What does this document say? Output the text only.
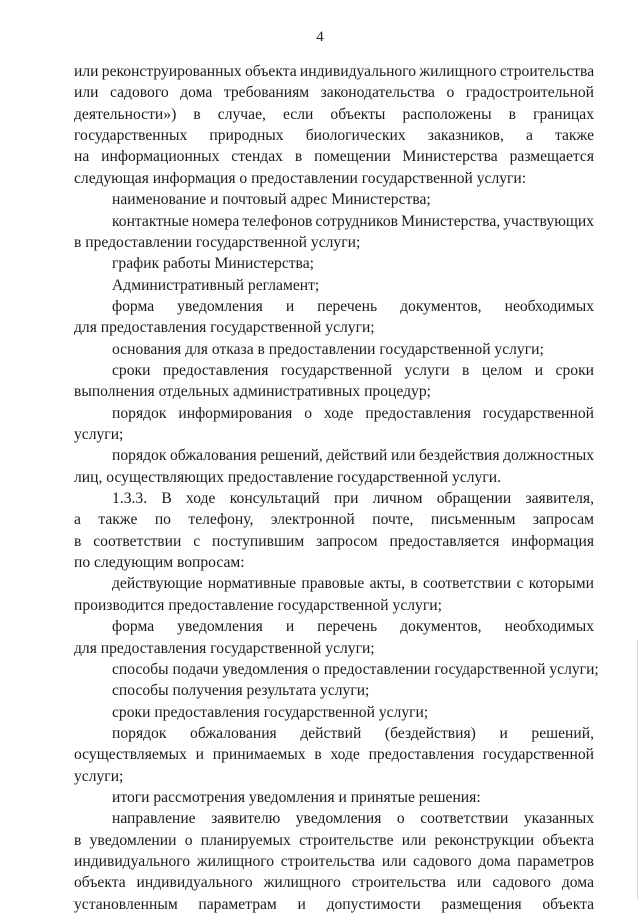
4
или реконструированных объекта индивидуального жилищного строительства
или садового дома требованиям законодательства о градостроительной
деятельности») в случае, если объекты расположены в границах
государственных природных биологических заказников, а также
на информационных стендах в помещении Министерства размещается
следующая информация о предоставлении государственной услуги:
наименование и почтовый адрес Министерства;
контактные номера телефонов сотрудников Министерства, участвующих
в предоставлении государственной услуги;
график работы Министерства;
Административный регламент;
форма уведомления и перечень документов, необходимых
для предоставления государственной услуги;
основания для отказа в предоставлении государственной услуги;
сроки предоставления государственной услуги в целом и сроки
выполнения отдельных административных процедур;
порядок информирования о ходе предоставления государственной
услуги;
порядок обжалования решений, действий или бездействия должностных
лиц, осуществляющих предоставление государственной услуги.
1.3.3. В ходе консультаций при личном обращении заявителя,
а также по телефону, электронной почте, письменным запросам
в соответствии с поступившим запросом предоставляется информация
по следующим вопросам:
действующие нормативные правовые акты, в соответствии с которыми
производится предоставление государственной услуги;
форма уведомления и перечень документов, необходимых
для предоставления государственной услуги;
способы подачи уведомления о предоставлении государственной услуги;
способы получения результата услуги;
сроки предоставления государственной услуги;
порядок обжалования действий (бездействия) и решений,
осуществляемых и принимаемых в ходе предоставления государственной
услуги;
итоги рассмотрения уведомления и принятые решения:
направление заявителю уведомления о соответствии указанных
в уведомлении о планируемых строительстве или реконструкции объекта
индивидуального жилищного строительства или садового дома параметров
объекта индивидуального жилищного строительства или садового дома
установленным параметрам и допустимости размещения объекта
